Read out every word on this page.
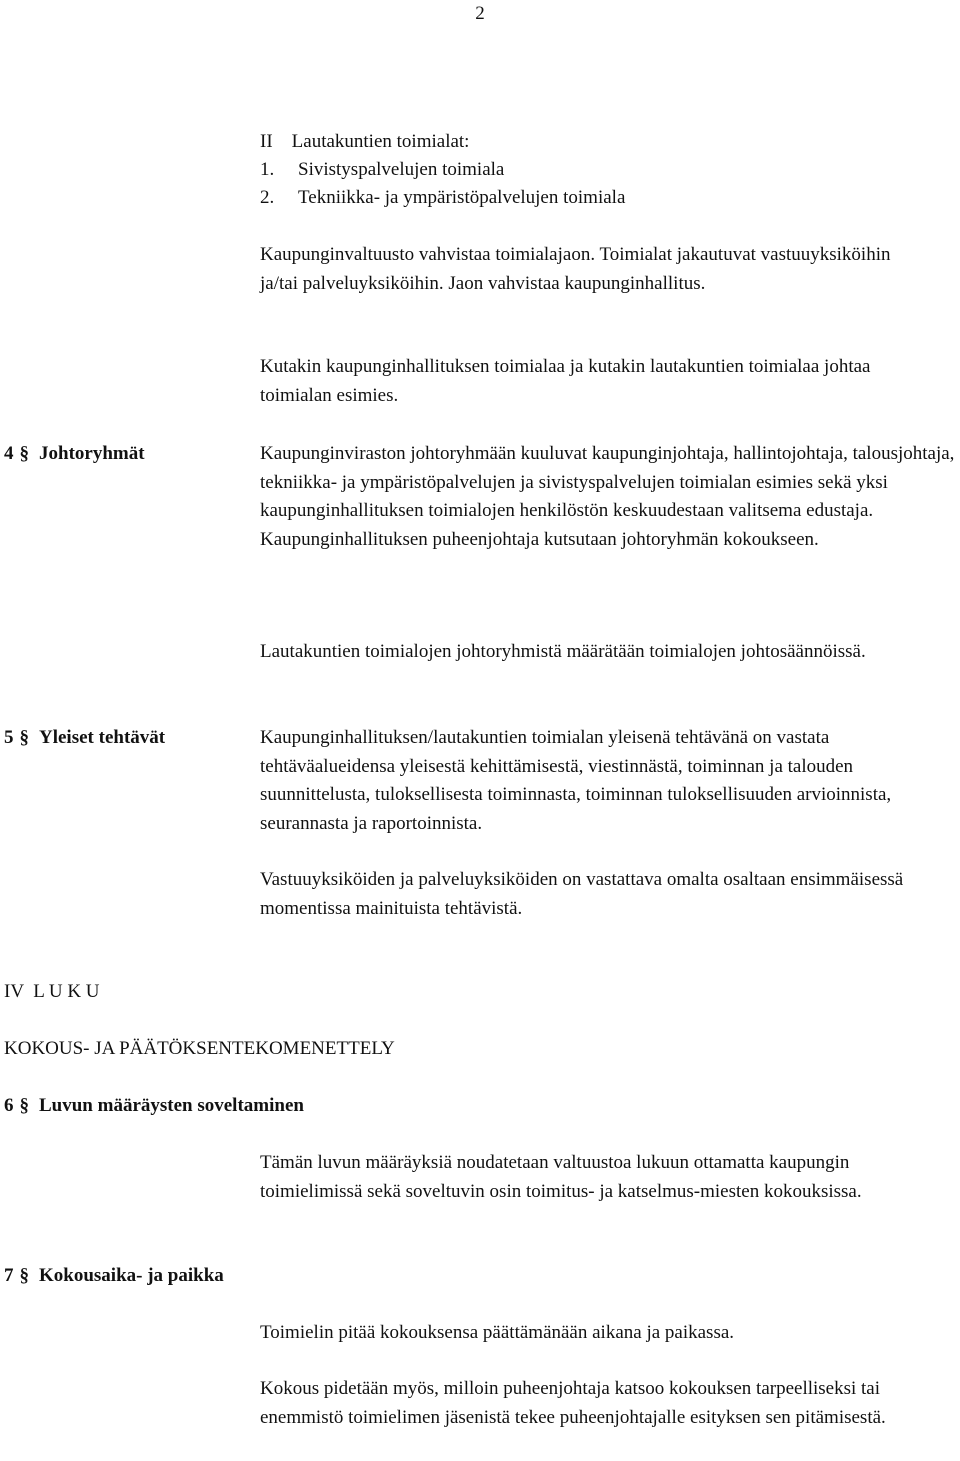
2
II    Lautakuntien toimialat:
1. Sivistyspalvelujen toimiala
2. Tekniikka- ja ympäristöpalvelujen toimiala

Kaupunginvaltuusto vahvistaa toimialajaon. Toimialat jakautuvat vastuuyksiköihin ja/tai palveluyksiköihin. Jaon vahvistaa kaupunginhallitus.

Kutakin kaupunginhallituksen toimialaa ja kutakin lautakuntien toimialaa johtaa toimialan esimies.

4 § Johtoryhmät	Kaupunginviraston johtoryhmään kuuluvat kaupunginjohtaja, hallintojohtaja, talousjohtaja, tekniikka- ja ympäristöpalvelujen ja sivistyspalvelujen toimialan esimies sekä yksi kaupunginhallituksen toimialojen henkilöstön keskuudestaan valitsema edustaja. Kaupunginhallituksen puheenjohtaja kutsutaan johtoryhmän kokoukseen.

Lautakuntien toimialojen johtoryhmistä määrätään toimialojen johtosäännöissä.

5 § Yleiset tehtävät	Kaupunginhallituksen/lautakuntien toimialan yleisenä tehtävänä on vastata tehtäväalueidensa yleisestä kehittämisestä, viestinnästä, toiminnan ja talouden suunnittelusta, tuloksellisesta toiminnasta, toiminnan tuloksellisuuden arvioinnista, seurannasta ja raportoinnista.

Vastuuyksiköiden ja palveluyksiköiden on vastattava omalta osaltaan ensimmäisessä momentissa mainituista tehtävistä.

IV  L U K U
KOKOUS- JA PÄÄTÖKSENTEKOMENETTELY
6 § Luvun määräysten soveltaminen

Tämän luvun määräyksiä noudatetaan valtuustoa lukuun ottamatta kaupungin toimielimissä sekä soveltuvin osin toimitus- ja katselmus-miesten kokouksissa.

7 § Kokousaika- ja paikka

Toimielin pitää kokouksensa päättämänään aikana ja paikassa.

Kokous pidetään myös, milloin puheenjohtaja katsoo kokouksen tarpeelliseksi tai enemmistö toimielimen jäsenistä tekee puheenjohtajalle esityksen sen pitämisestä.
